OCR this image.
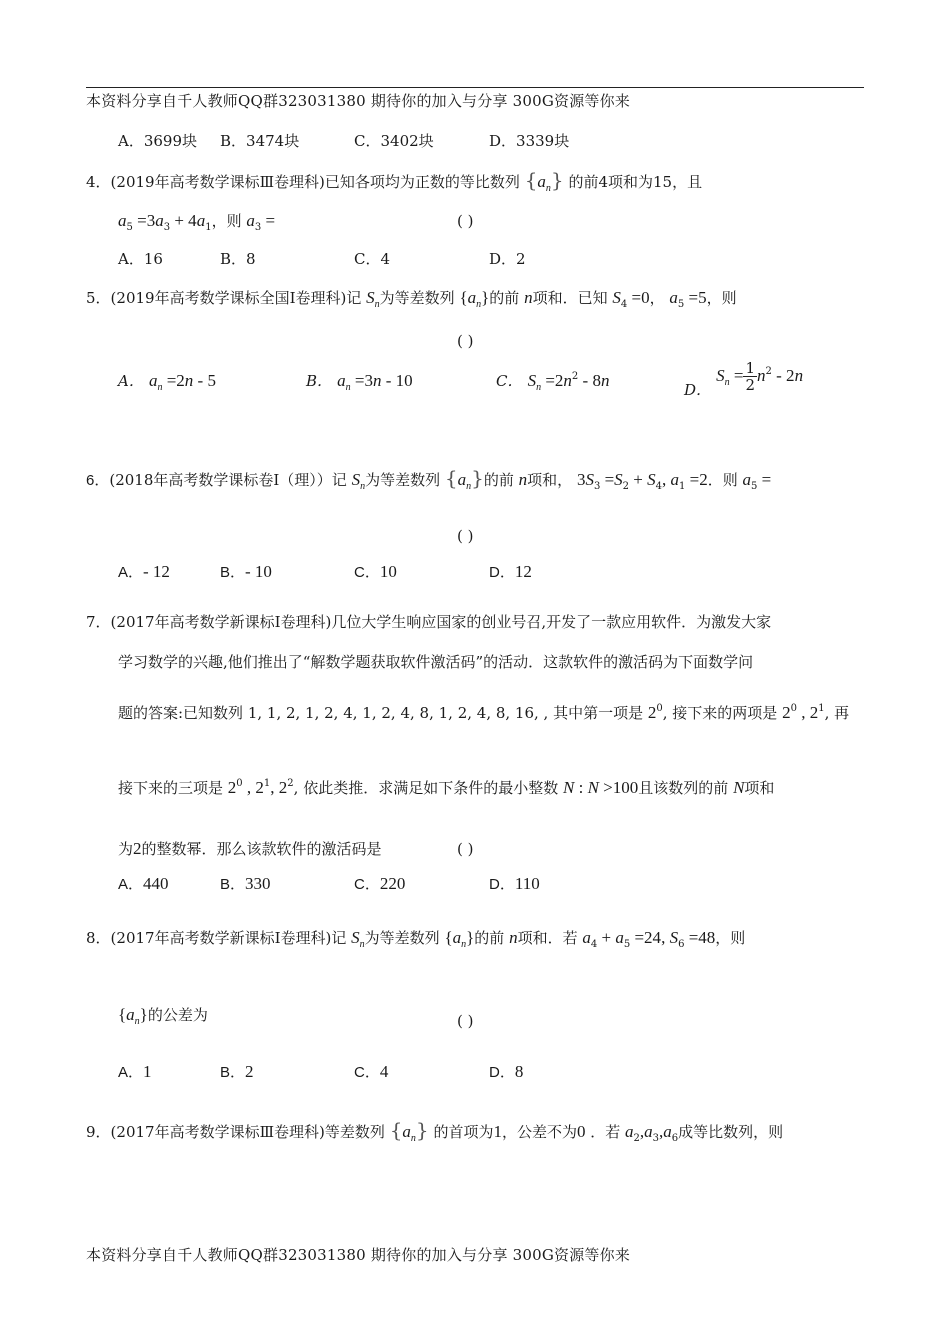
本资料分享自千人教师QQ群323031380 期待你的加入与分享 300G资源等你来
A．3699块 B．3474块	C．3402块	D．3339块
4．(2019年高考数学课标Ⅲ卷理科)已知各项均为正数的等比数列 $\{a_n\}$ 的前4项和为15，且
$a_5 =3a_3 + 4a_1$，则 $a_3$ =	( )
A．16	B．8	C．4	D．2
5．(2019年高考数学课标全国Ⅰ卷理科)记 $S_n$为等差数列 $\{a_n\}$的前 n项和．已知 $S_4 =0$， $a_5 =5$，则
( )
A． $a_n =2n - 5$	B． $a_n =3n - 10$	C． $S_n =2n^2 - 8n$	D． $S_n = \frac{1}{2} n^2 - 2n$
6．(2018年高考数学课标卷Ⅰ（理））记 $S_n$为等差数列 $\{a_n\}$的前 n项和， $3S_3 =S_2 + S_4$, $a_1 =2$．则 $a_5$ =
( )
A．- 12	B．- 10	C．10	D．12
7．(2017年高考数学新课标Ⅰ卷理科)几位大学生响应国家的创业号召,开发了一款应用软件．为激发大家
学习数学的兴趣,他们推出了“解数学题获取软件激活码”的活动．这款软件的激活码为下面数学问
题的答案:已知数列 1, 1, 2, 1, 2, 4, 1, 2, 4, 8, 1, 2, 4, 8, 16, , 其中第一项是 $2^0$, 接下来的两项是 $2^0$ , $2^1$, 再
接下来的三项是 $2^0$ , $2^1$, $2^2$, 依此类推．求满足如下条件的最小整数 N : N >100且该数列的前 N项和
为2的整数幂．那么该款软件的激活码是	( )
A．440	B．330	C．220	D．110
8．(2017年高考数学新课标Ⅰ卷理科)记 $S_n$为等差数列 $\{a_n\}$的前 n项和．若 $a_4 + a_5 =24$, $S_6 =48$，则
$\{a_n\}$的公差为	( )
A．1	B．2	C．4	D．8
9．(2017年高考数学课标Ⅲ卷理科)等差数列 $\{a_n\}$ 的首项为1，公差不为0 ．若 $a_2,a_3,a_6$成等比数列，则
本资料分享自千人教师QQ群323031380 期待你的加入与分享 300G资源等你来
